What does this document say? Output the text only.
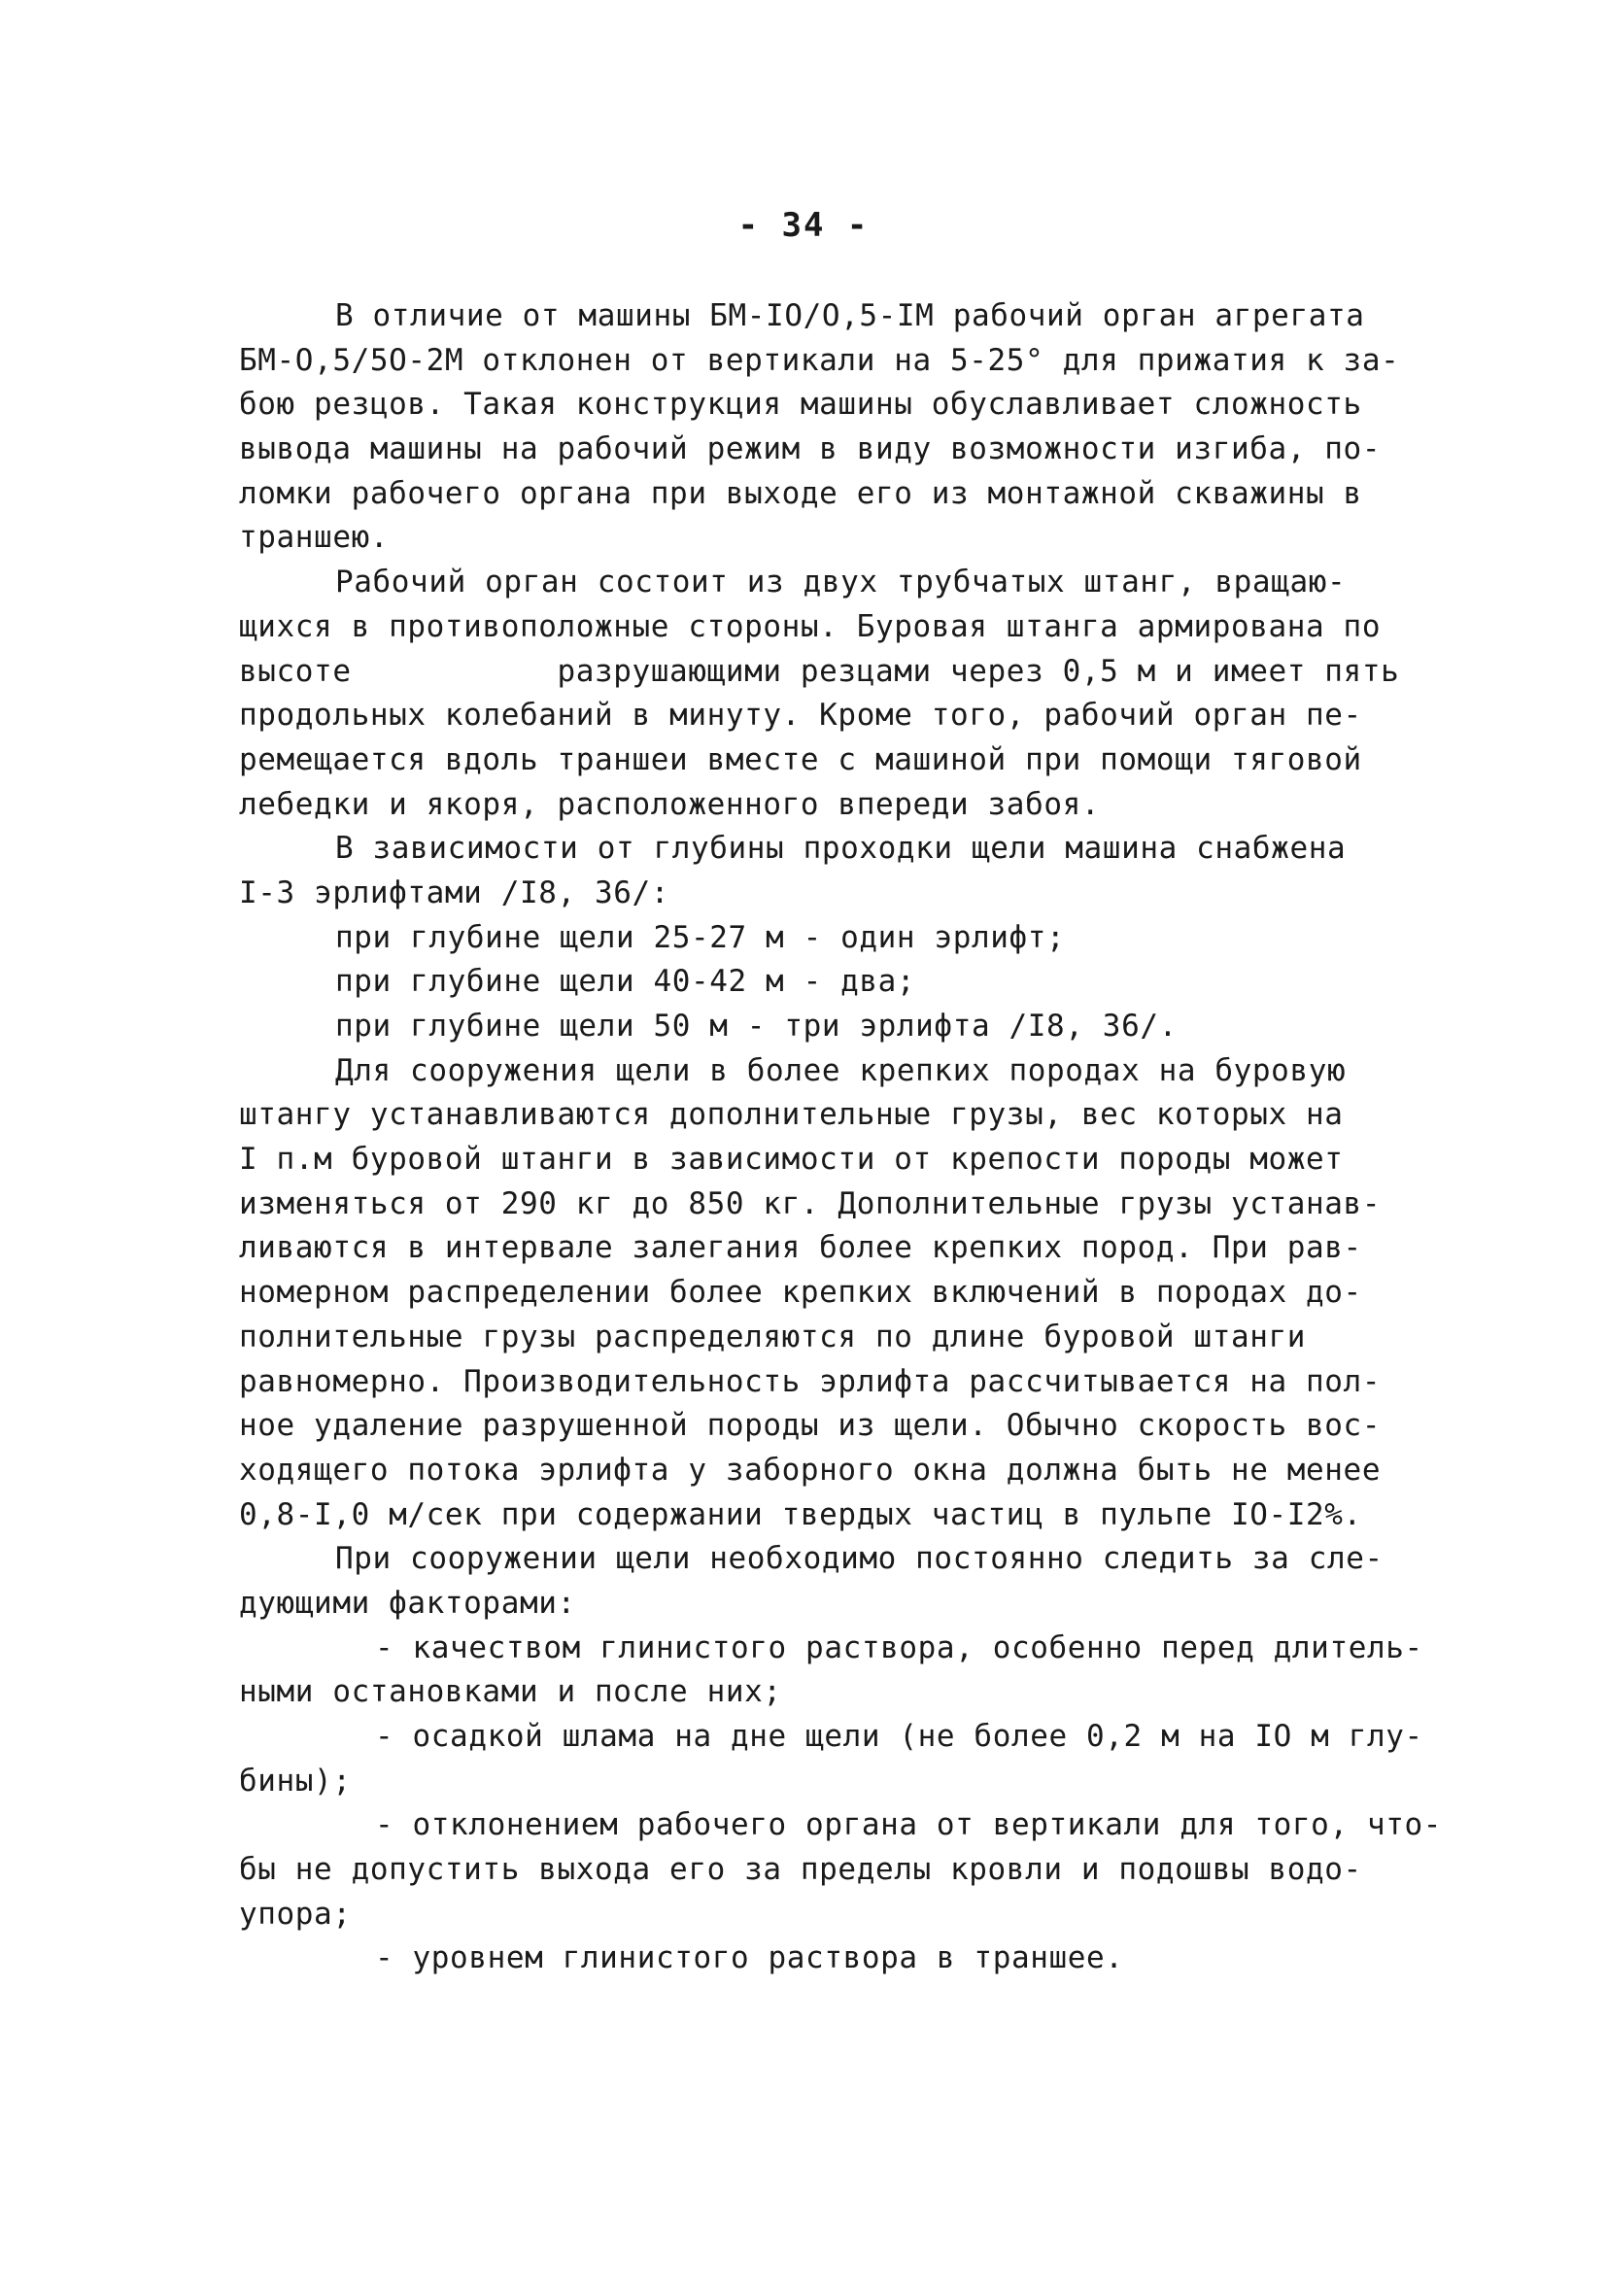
- 34 -
В отличие от машины БМ-IO/O,5-IM рабочий орган агрегата
БМ-O,5/5O-2M отклонен от вертикали на 5-25° для прижатия к за-
бою резцов. Такая конструкция машины обуславливает сложность
вывода машины на рабочий режим в виду возможности изгиба, по-
ломки рабочего органа при выходе его из монтажной скважины в
траншею.
Рабочий орган состоит из двух трубчатых штанг, вращаю-
щихся в противоположные стороны. Буровая штанга армирована по
высоте           разрушающими резцами через 0,5 м и имеет пять
продольных колебаний в минуту. Кроме того, рабочий орган пе-
ремещается вдоль траншеи вместе с машиной при помощи тяговой
лебедки и якоря, расположенного впереди забоя.
В зависимости от глубины проходки щели машина снабжена
I-3 эрлифтами /I8, 36/:
при глубине щели 25-27 м - один эрлифт;
при глубине щели 40-42 м - два;
при глубине щели 50 м - три эрлифта /I8, 36/.
Для сооружения щели в более крепких породах на буровую
штангу устанавливаются дополнительные грузы, вес которых на
I п.м буровой штанги в зависимости от крепости породы может
изменяться от 290 кг до 850 кг. Дополнительные грузы устанав-
ливаются в интервале залегания более крепких пород. При рав-
номерном распределении более крепких включений в породах до-
полнительные грузы распределяются по длине буровой штанги
равномерно. Производительность эрлифта рассчитывается на пол-
ное удаление разрушенной породы из щели. Обычно скорость вос-
ходящего потока эрлифта у заборного окна должна быть не менее
0,8-I,0 м/сек при содержании твердых частиц в пульпе IO-I2%.
При сооружении щели необходимо постоянно следить за сле-
дующими факторами:
- качеством глинистого раствора, особенно перед длитель-
ными остановками и после них;
- осадкой шлама на дне щели (не более 0,2 м на IO м глу-
бины);
- отклонением рабочего органа от вертикали для того, что-
бы не допустить выхода его за пределы кровли и подошвы водо-
упора;
- уровнем глинистого раствора в траншее.
